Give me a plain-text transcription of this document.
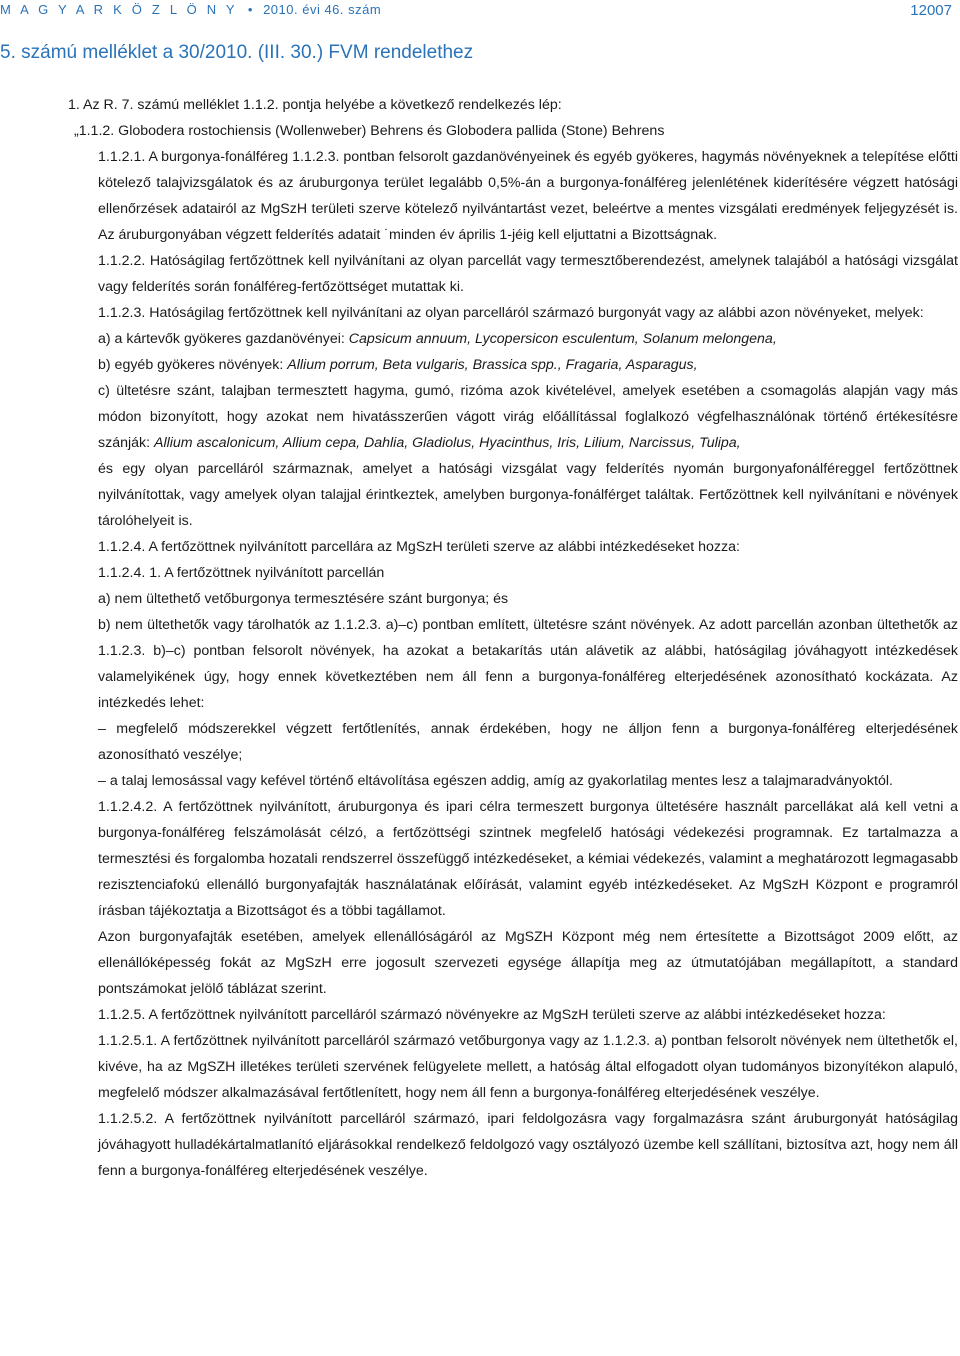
M A G Y A R K Ö Z L Ö N Y • 2010. évi 46. szám	12007
5. számú melléklet a 30/2010. (III. 30.) FVM rendelethez

1. Az R. 7. számú melléklet 1.1.2. pontja helyébe a következő rendelkezés lép:

„1.1.2. Globodera rostochiensis (Wollenweber) Behrens és Globodera pallida (Stone) Behrens

1.1.2.1. A burgonya-fonálféreg 1.1.2.3. pontban felsorolt gazdanövényeinek és egyéb gyökeres, hagymás növényeknek a telepítése előtti kötelező talajvizsgálatok és az áruburgonya terület legalább 0,5%-án a burgonya-fonálféreg jelenlétének kiderítésére végzett hatósági ellenőrzések adatairól az MgSzH területi szerve kötelező nyilvántartást vezet, beleértve a mentes vizsgálati eredmények feljegyzését is. Az áruburgonyában végzett felderítés adatait ˙minden év április 1-jéig kell eljuttatni a Bizottságnak.

1.1.2.2. Hatóságilag fertőzöttnek kell nyilvánítani az olyan parcellát vagy termesztőberendezést, amelynek talajából a hatósági vizsgálat vagy felderítés során fonálféreg-fertőzöttséget mutattak ki.

1.1.2.3. Hatóságilag fertőzöttnek kell nyilvánítani az olyan parcelláról származó burgonyát vagy az alábbi azon növényeket, melyek:

a) a kártevők gyökeres gazdanövényei: Capsicum annuum, Lycopersicon esculentum, Solanum melongena,

b) egyéb gyökeres növények: Allium porrum, Beta vulgaris, Brassica spp., Fragaria, Asparagus,

c) ültetésre szánt, talajban termesztett hagyma, gumó, rizóma azok kivételével, amelyek esetében a csomagolás alapján vagy más módon bizonyított, hogy azokat nem hivatásszerűen vágott virág előállítással foglalkozó végfelhasználónak történő értékesítésre szánják: Allium ascalonicum, Allium cepa, Dahlia, Gladiolus, Hyacinthus, Iris, Lilium, Narcissus, Tulipa,

és egy olyan parcelláról származnak, amelyet a hatósági vizsgálat vagy felderítés nyomán burgonyafonálféreggel fertőzöttnek nyilvánítottak, vagy amelyek olyan talajjal érintkeztek, amelyben burgonya-fonálférget találtak. Fertőzöttnek kell nyilvánítani e növények tárolóhelyeit is.

1.1.2.4. A fertőzöttnek nyilvánított parcellára az MgSzH területi szerve az alábbi intézkedéseket hozza:

1.1.2.4. 1. A fertőzöttnek nyilvánított parcellán

a) nem ültethető vetőburgonya termesztésére szánt burgonya; és

b) nem ültethetők vagy tárolhatók az 1.1.2.3. a)–c) pontban említett, ültetésre szánt növények. Az adott parcellán azonban ültethetők az 1.1.2.3. b)–c) pontban felsorolt növények, ha azokat a betakarítás után alávetik az alábbi, hatóságilag jóváhagyott intézkedések valamelyikének úgy, hogy ennek következtében nem áll fenn a burgonya-fonálféreg elterjedésének azonosítható kockázata. Az intézkedés lehet:

– megfelelő módszerekkel végzett fertőtlenítés, annak érdekében, hogy ne álljon fenn a burgonya-fonálféreg elterjedésének azonosítható veszélye;

– a talaj lemosással vagy kefével történő eltávolítása egészen addig, amíg az gyakorlatilag mentes lesz a talajmaradványoktól.

1.1.2.4.2. A fertőzöttnek nyilvánított, áruburgonya és ipari célra termeszett burgonya ültetésére használt parcellákat alá kell vetni a burgonya-fonálféreg felszámolását célzó, a fertőzöttségi szintnek megfelelő hatósági védekezési programnak. Ez tartalmazza a termesztési és forgalomba hozatali rendszerrel összefüggő intézkedéseket, a kémiai védekezés, valamint a meghatározott legmagasabb rezisztenciafokú ellenálló burgonyafajták használatának előírását, valamint egyéb intézkedéseket. Az MgSzH Központ e programról írásban tájékoztatja a Bizottságot és a többi tagállamot.

Azon burgonyafajták esetében, amelyek ellenállóságáról az MgSZH Központ még nem értesítette a Bizottságot 2009 előtt, az ellenállóképesség fokát az MgSzH erre jogosult szervezeti egysége állapítja meg az útmutatójában megállapított, a standard pontszámokat jelölő táblázat szerint.

1.1.2.5. A fertőzöttnek nyilvánított parcelláról származó növényekre az MgSzH területi szerve az alábbi intézkedéseket hozza:

1.1.2.5.1. A fertőzöttnek nyilvánított parcelláról származó vetőburgonya vagy az 1.1.2.3. a) pontban felsorolt növények nem ültethetők el, kivéve, ha az MgSZH illetékes területi szervének felügyelete mellett, a hatóság által elfogadott olyan tudományos bizonyítékon alapuló, megfelelő módszer alkalmazásával fertőtlenített, hogy nem áll fenn a burgonya-fonálféreg elterjedésének veszélye.

1.1.2.5.2. A fertőzöttnek nyilvánított parcelláról származó, ipari feldolgozásra vagy forgalmazásra szánt áruburgonyát hatóságilag jóváhagyott hulladékártalmatlanító eljárásokkal rendelkező feldolgozó vagy osztályozó üzembe kell szállítani, biztosítva azt, hogy nem áll fenn a burgonya-fonálféreg elterjedésének veszélye.
